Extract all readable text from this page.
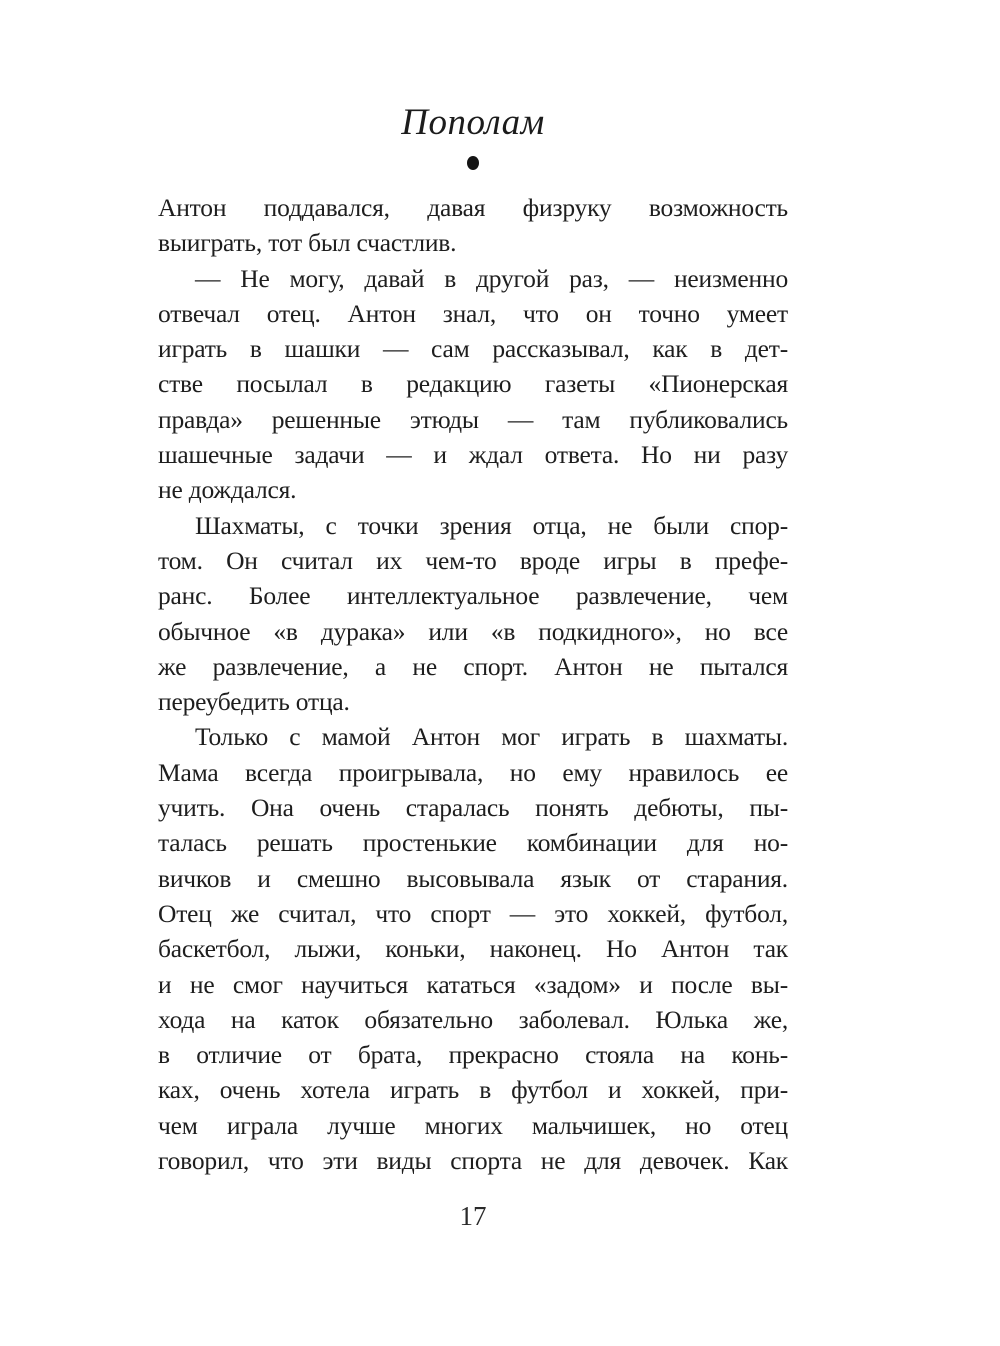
Пополам
Антон поддавался, давая физруку возможность
выиграть, тот был счастлив.
— Не могу, давай в другой раз, — неизменно
отвечал отец. Антон знал, что он точно умеет
играть в шашки — сам рассказывал, как в дет-
стве посылал в редакцию газеты «Пионерская
правда» решенные этюды — там публиковались
шашечные задачи — и ждал ответа. Но ни разу
не дождался.
Шахматы, с точки зрения отца, не были спор-
том. Он считал их чем-то вроде игры в префе-
ранс. Более интеллектуальное развлечение, чем
обычное «в дурака» или «в подкидного», но все
же развлечение, а не спорт. Антон не пытался
переубедить отца.
Только с мамой Антон мог играть в шахматы.
Мама всегда проигрывала, но ему нравилось ее
учить. Она очень старалась понять дебюты, пы-
талась решать простенькие комбинации для но-
вичков и смешно высовывала язык от старания.
Отец же считал, что спорт — это хоккей, футбол,
баскетбол, лыжи, коньки, наконец. Но Антон так
и не смог научиться кататься «задом» и после вы-
хода на каток обязательно заболевал. Юлька же,
в отличие от брата, прекрасно стояла на конь-
ках, очень хотела играть в футбол и хоккей, при-
чем играла лучше многих мальчишек, но отец
говорил, что эти виды спорта не для девочек. Как
17
